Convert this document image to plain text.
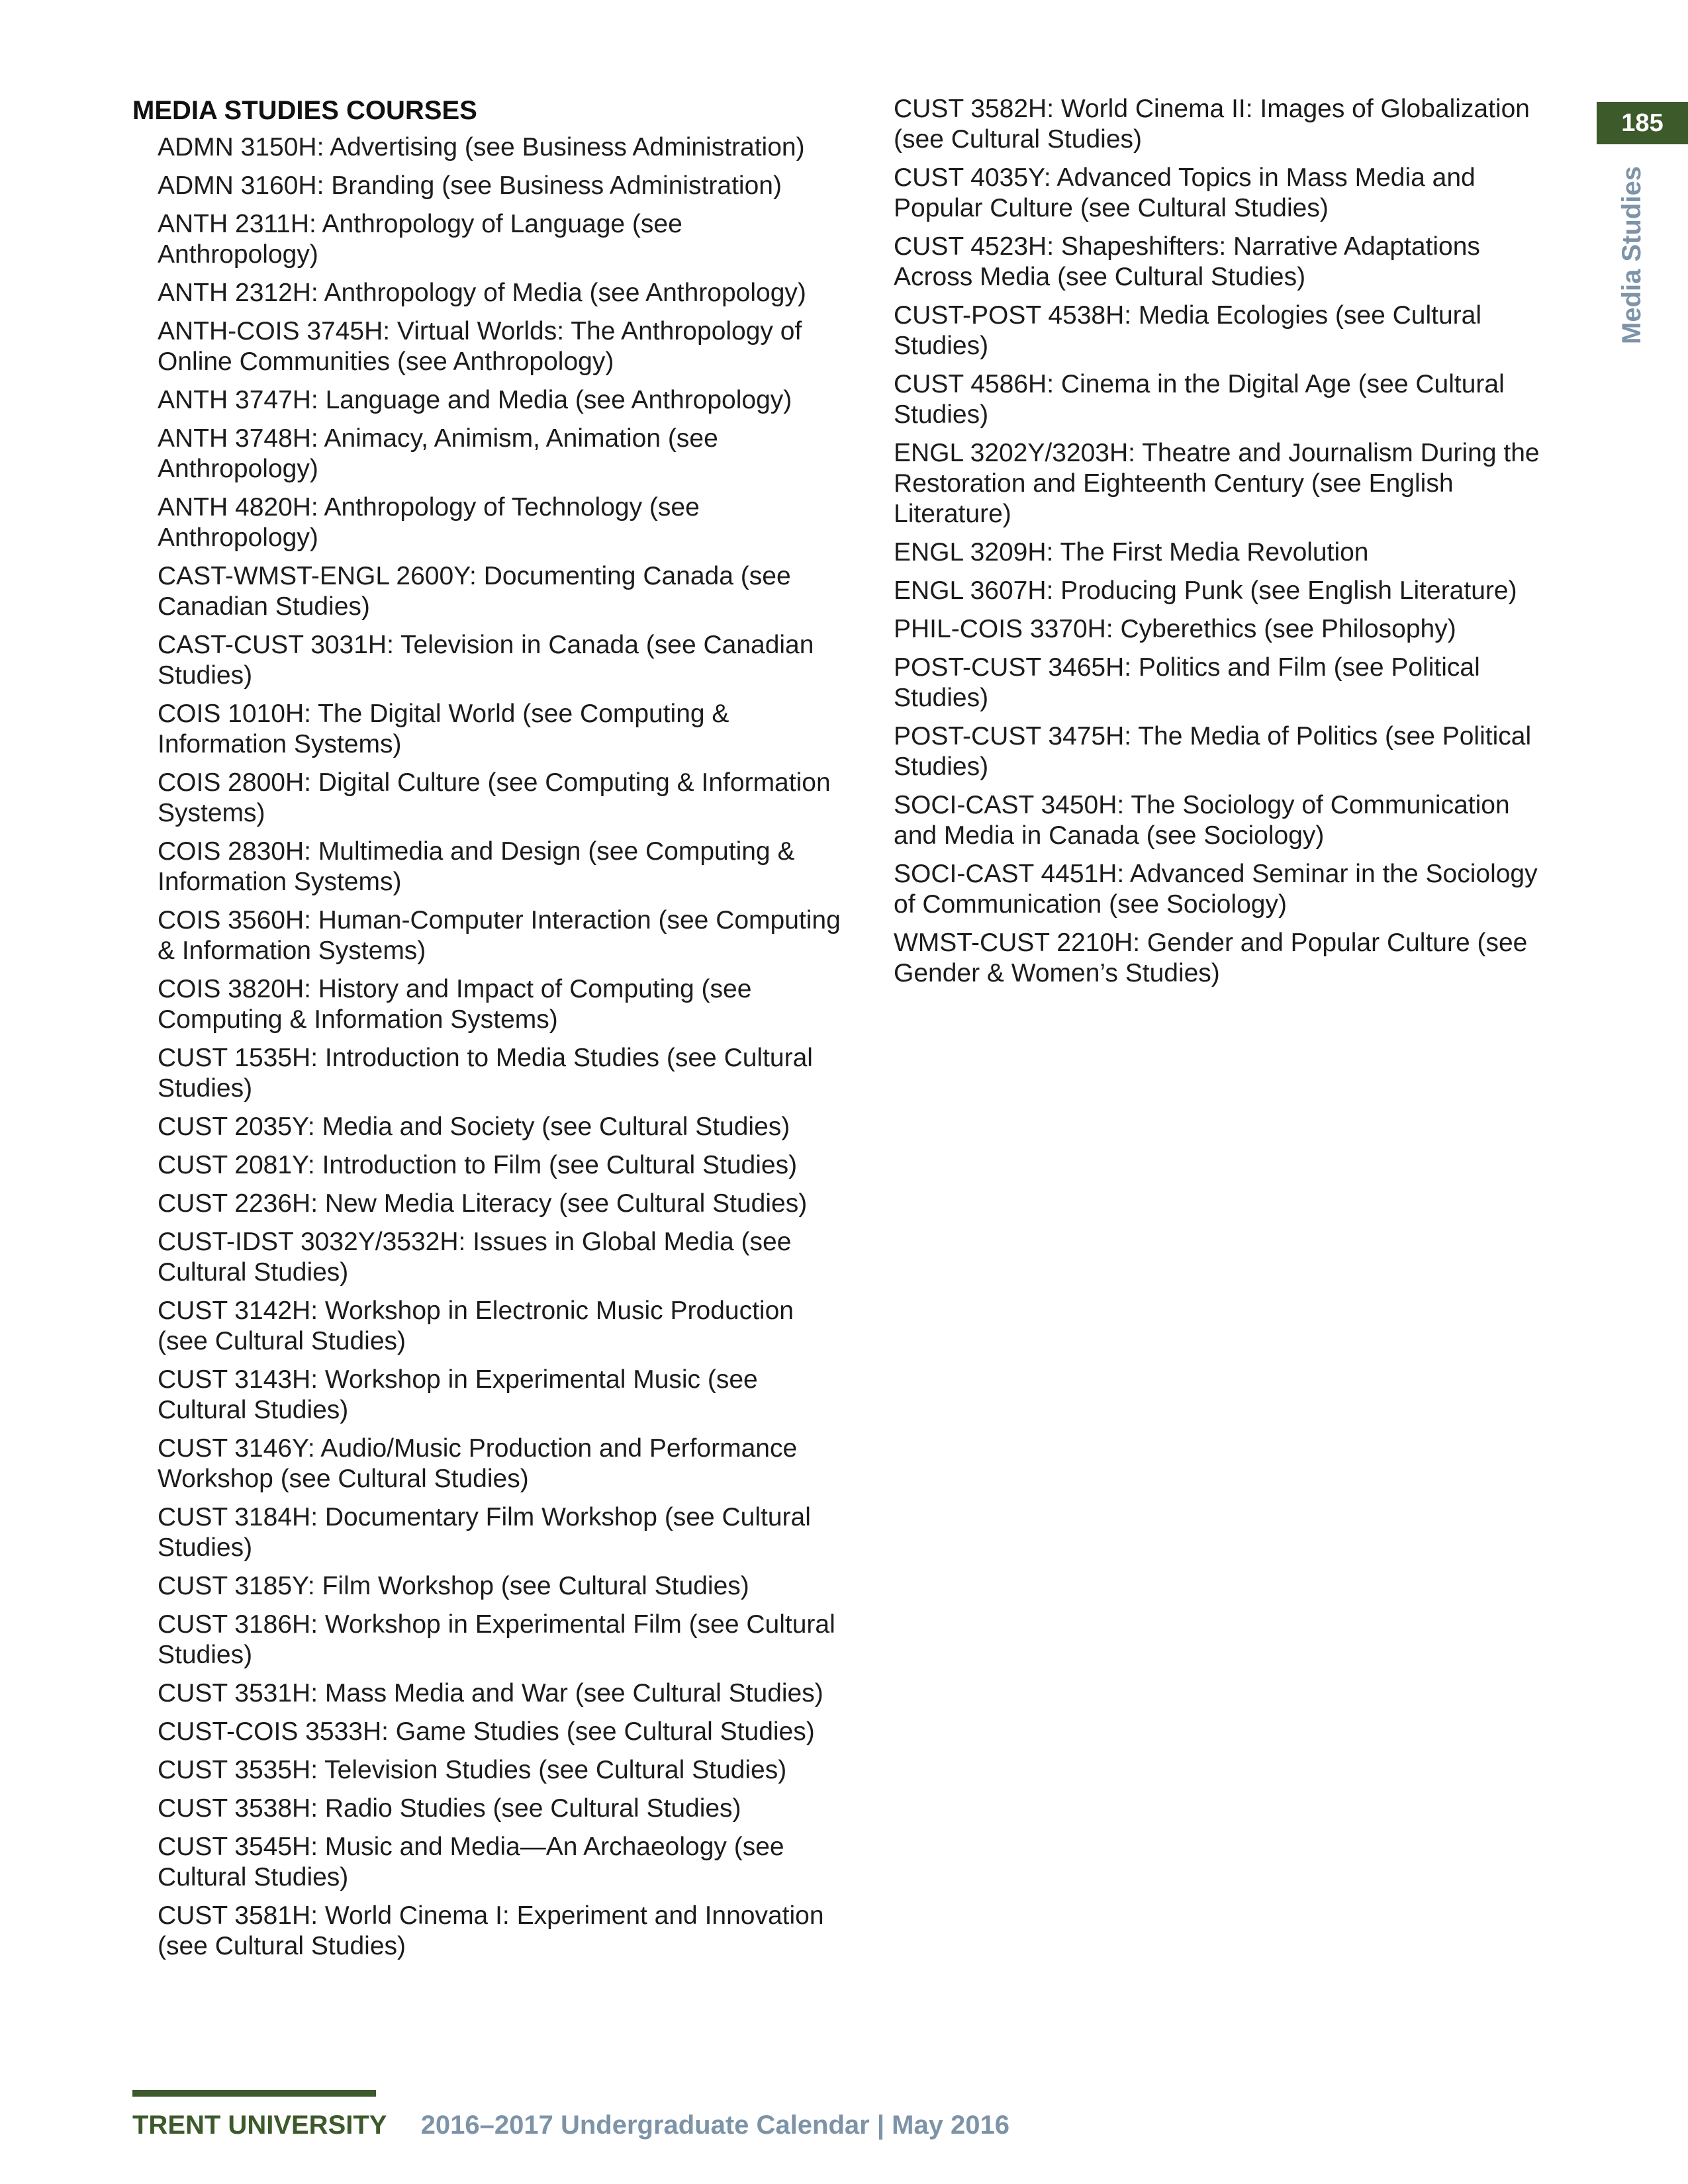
MEDIA STUDIES COURSES
ADMN 3150H: Advertising (see Business Administration)
ADMN 3160H: Branding (see Business Administration)
ANTH 2311H: Anthropology of Language (see Anthropology)
ANTH 2312H: Anthropology of Media (see Anthropology)
ANTH-COIS 3745H: Virtual Worlds: The Anthropology of Online Communities (see Anthropology)
ANTH 3747H: Language and Media (see Anthropology)
ANTH 3748H: Animacy, Animism, Animation (see Anthropology)
ANTH 4820H: Anthropology of Technology (see Anthropology)
CAST-WMST-ENGL 2600Y: Documenting Canada (see Canadian Studies)
CAST-CUST 3031H: Television in Canada (see Canadian Studies)
COIS 1010H: The Digital World (see Computing & Information Systems)
COIS 2800H: Digital Culture (see Computing & Information Systems)
COIS 2830H: Multimedia and Design (see Computing & Information Systems)
COIS 3560H: Human-Computer Interaction (see Computing & Information Systems)
COIS 3820H: History and Impact of Computing (see Computing & Information Systems)
CUST 1535H: Introduction to Media Studies (see Cultural Studies)
CUST 2035Y: Media and Society (see Cultural Studies)
CUST 2081Y: Introduction to Film (see Cultural Studies)
CUST 2236H: New Media Literacy (see Cultural Studies)
CUST-IDST 3032Y/3532H: Issues in Global Media (see Cultural Studies)
CUST 3142H: Workshop in Electronic Music Production (see Cultural Studies)
CUST 3143H: Workshop in Experimental Music (see Cultural Studies)
CUST 3146Y: Audio/Music Production and Performance Workshop (see Cultural Studies)
CUST 3184H: Documentary Film Workshop (see Cultural Studies)
CUST 3185Y: Film Workshop (see Cultural Studies)
CUST 3186H: Workshop in Experimental Film (see Cultural Studies)
CUST 3531H: Mass Media and War (see Cultural Studies)
CUST-COIS 3533H: Game Studies (see Cultural Studies)
CUST 3535H: Television Studies (see Cultural Studies)
CUST 3538H: Radio Studies (see Cultural Studies)
CUST 3545H: Music and Media—An Archaeology (see Cultural Studies)
CUST 3581H: World Cinema I: Experiment and Innovation (see Cultural Studies)
CUST 3582H: World Cinema II: Images of Globalization (see Cultural Studies)
CUST 4035Y: Advanced Topics in Mass Media and Popular Culture (see Cultural Studies)
CUST 4523H: Shapeshifters: Narrative Adaptations Across Media (see Cultural Studies)
CUST-POST 4538H: Media Ecologies (see Cultural Studies)
CUST 4586H: Cinema in the Digital Age (see Cultural Studies)
ENGL 3202Y/3203H: Theatre and Journalism During the Restoration and Eighteenth Century (see English Literature)
ENGL 3209H: The First Media Revolution
ENGL 3607H: Producing Punk (see English Literature)
PHIL-COIS 3370H: Cyberethics (see Philosophy)
POST-CUST 3465H: Politics and Film (see Political Studies)
POST-CUST 3475H: The Media of Politics (see Political Studies)
SOCI-CAST 3450H: The Sociology of Communication and Media in Canada (see Sociology)
SOCI-CAST 4451H: Advanced Seminar in the Sociology of Communication (see Sociology)
WMST-CUST 2210H: Gender and Popular Culture (see Gender & Women’s Studies)
185
Media Studies
TRENT UNIVERSITY 2016–2017 Undergraduate Calendar | May 2016
